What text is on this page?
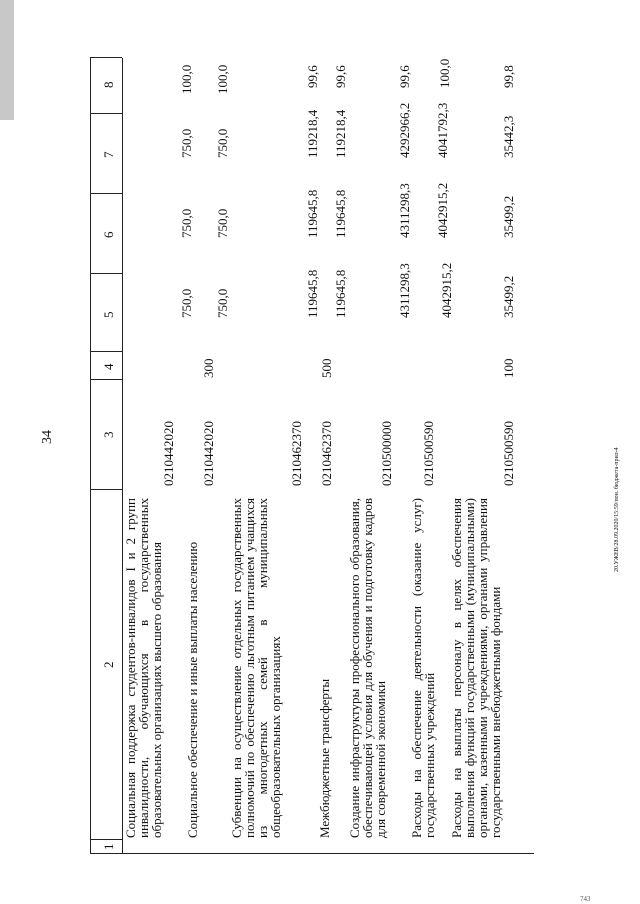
34
20.УЖЕВ/28.09.2020/15:59/пон. бюджета-прил-4
743
1
2
3
4
5
6
7
8
Социальная поддержка студентов-инвалидов I и 2 групп инвалидности, обучающихся в государственных образовательных организациях высшего образования
0210442020
750,0
750,0
750,0
100,0
Социальное обеспечение и иные выплаты населению
0210442020
300
750,0
750,0
750,0
100,0
Субвенции на осуществление отдельных государственных полномочий по обеспечению льготным питанием учащихся из многодетных семей в муниципальных общеобразовательных организациях
0210462370
119645,8
119645,8
119218,4
99,6
Межбюджетные трансферты
0210462370
500
119645,8
119645,8
119218,4
99,6
Создание инфраструктуры профессионального образования, обеспечивающей условия для обучения и подготовку кадров для современной экономики
0210500000
4311298,3
4311298,3
4292966,2
99,6
Расходы на обеспечение деятельности (оказание услуг) государственных учреждений
0210500590
4042915,2
4042915,2
4041792,3
100,0
Расходы на выплаты персоналу в целях обеспечения выполнения функций государственными (муниципальными) органами, казенными учреждениями, органами управления государственными внебюджетными фондами
0210500590
100
35499,2
35499,2
35442,3
99,8
